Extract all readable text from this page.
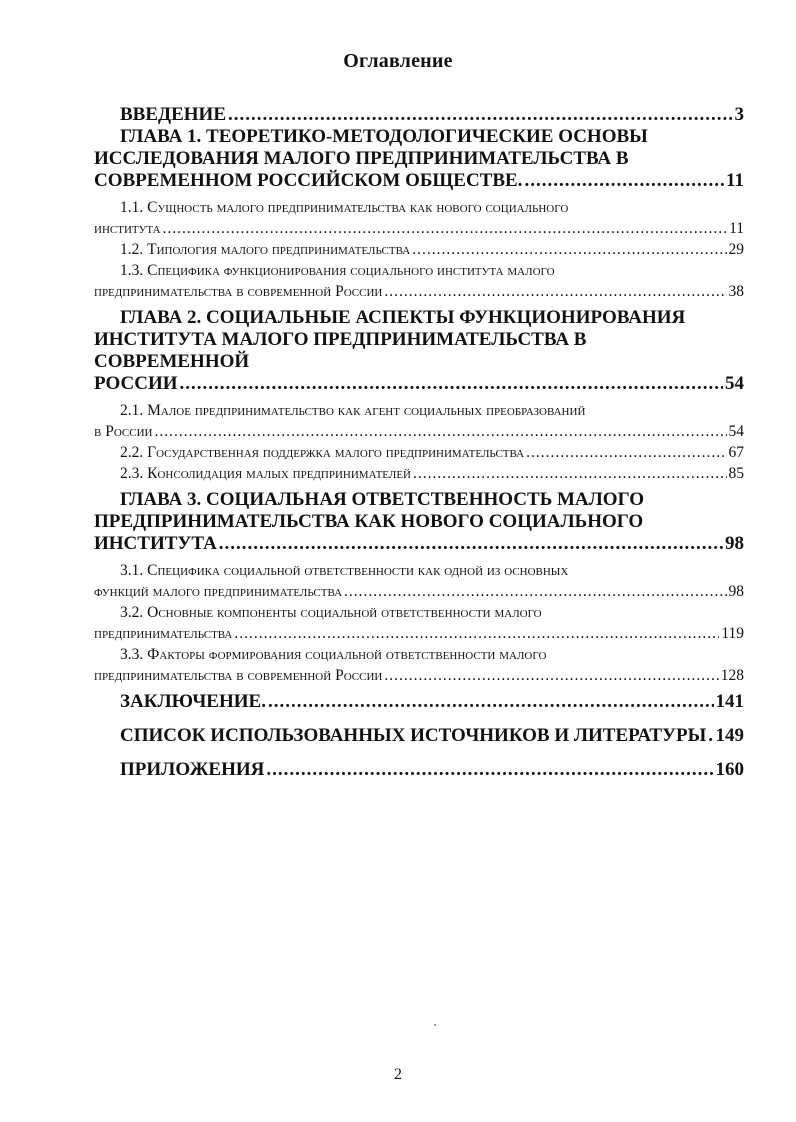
Оглавление
ВВЕДЕНИЕ .....	3
ГЛАВА 1. ТЕОРЕТИКО-МЕТОДОЛОГИЧЕСКИЕ ОСНОВЫ
ИССЛЕДОВАНИЯ МАЛОГО ПРЕДПРИНИМАТЕЛЬСТВА В
СОВРЕМЕННОМ РОССИЙСКОМ ОБЩЕСТВЕ. .....	11
1.1. Сущность малого предпринимательства как нового социального
института .....	11
1.2. Типология малого предпринимательства .....	29
1.3. Специфика функционирования социального института малого
предпринимательства в современной России .....	38
ГЛАВА 2. СОЦИАЛЬНЫЕ АСПЕКТЫ ФУНКЦИОНИРОВАНИЯ
ИНСТИТУТА МАЛОГО ПРЕДПРИНИМАТЕЛЬСТВА В СОВРЕМЕННОЙ
РОССИИ .....	54
2.1. Малое предпринимательство как агент социальных преобразований
в России .....	54
2.2. Государственная поддержка малого предпринимательства .....	67
2.3. Консолидация малых предпринимателей .....	85
ГЛАВА 3. СОЦИАЛЬНАЯ ОТВЕТСТВЕННОСТЬ МАЛОГО
ПРЕДПРИНИМАТЕЛЬСТВА КАК НОВОГО СОЦИАЛЬНОГО
ИНСТИТУТА .....	98
3.1. Специфика социальной ответственности как одной из основных
функций малого предпринимательства .....	98
3.2. Основные компоненты социальной ответственности малого
предпринимательства .....	119
3.3. Факторы формирования социальной ответственности малого
предпринимательства в современной России .....	128
ЗАКЛЮЧЕНИЕ. .....	141
СПИСОК ИСПОЛЬЗОВАННЫХ ИСТОЧНИКОВ И ЛИТЕРАТУРЫ ..... 149
ПРИЛОЖЕНИЯ .....	160
2
